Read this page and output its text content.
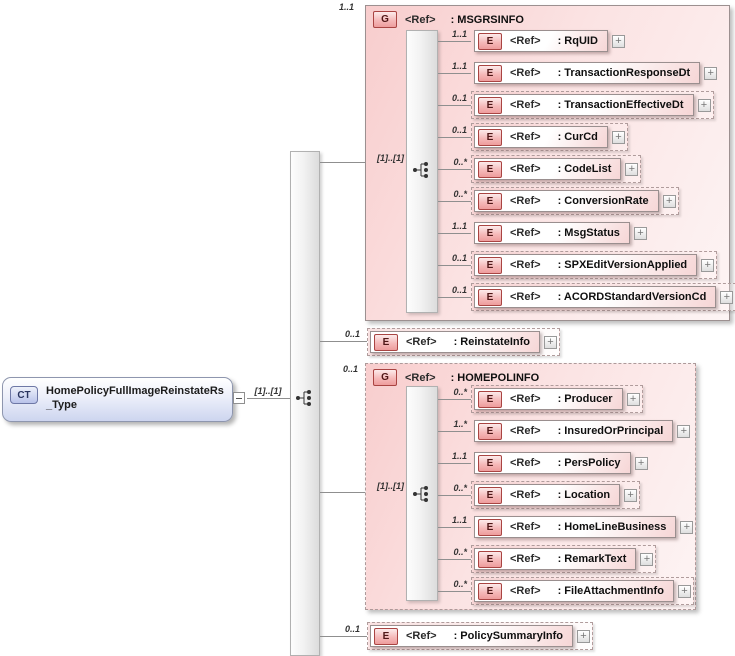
CT	HomePolicyFullImageReinstateRs_Type
[1]..[1]
1..1
0..1
0..1
0..1
G	<Ref> : MSGRSINFO
[1]..[1]
1..1
E	<Ref> : RqUID +
1..1
E	<Ref> : TransactionResponseDt +
0..1
E	<Ref> : TransactionEffectiveDt +
0..1
E	<Ref> : CurCd +
0..*
E	<Ref> : CodeList +
0..*
E	<Ref> : ConversionRate +
1..1
E	<Ref> : MsgStatus +
0..1
E	<Ref> : SPXEditVersionApplied +
0..1
E	<Ref> : ACORDStandardVersionCd +
E	<Ref> : ReinstateInfo +
G	<Ref> : HOMEPOLINFO
[1]..[1]
0..*
E	<Ref> : Producer +
1..*
E	<Ref> : InsuredOrPrincipal +
1..1
E	<Ref> : PersPolicy +
0..*
E	<Ref> : Location +
1..1
E	<Ref> : HomeLineBusiness +
0..*
E	<Ref> : RemarkText +
0..*
E	<Ref> : FileAttachmentInfo +
E	<Ref> : PolicySummaryInfo +
